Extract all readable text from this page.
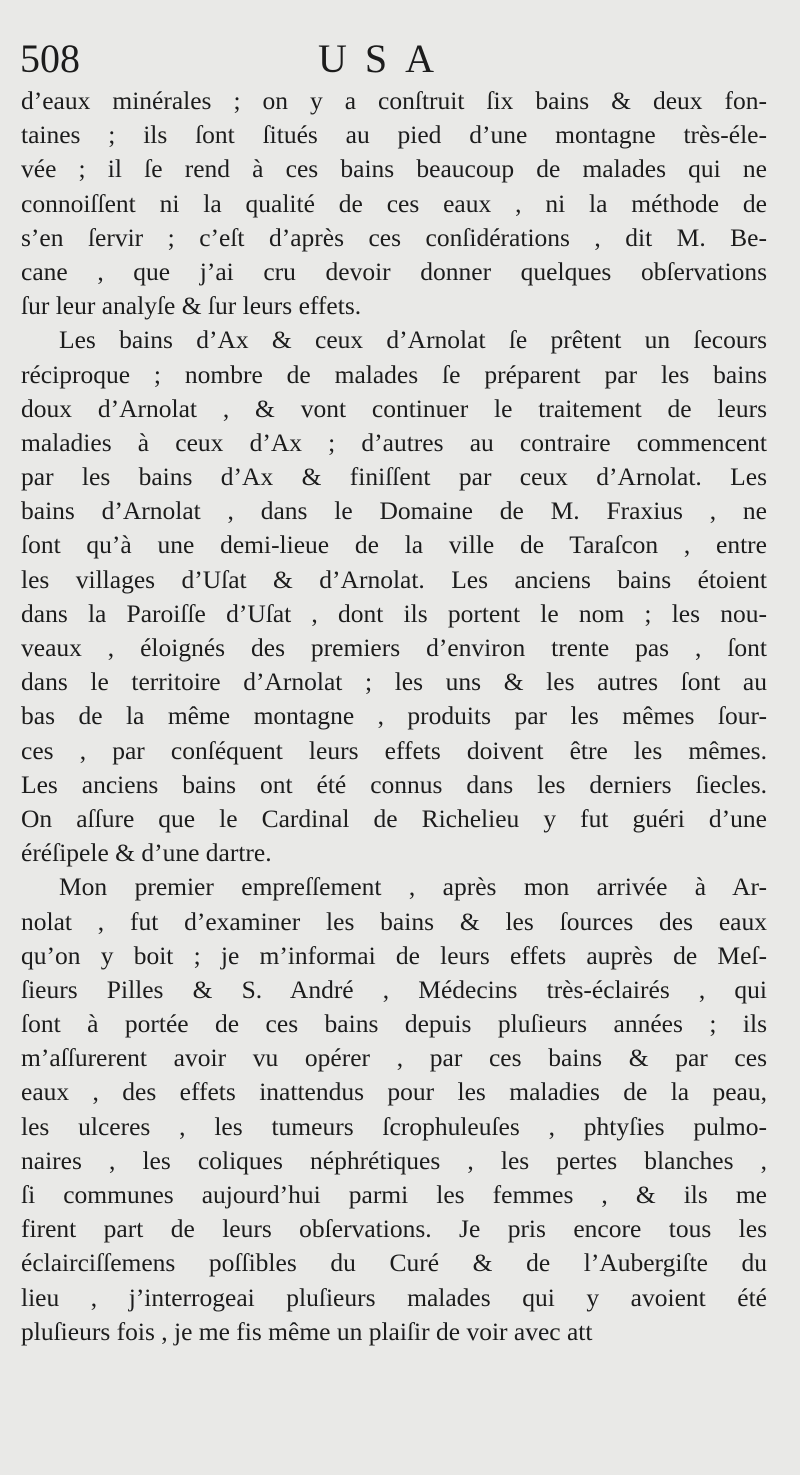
508	USA
d’eaux minérales ; on y a conſtruit ſix bains & deux fon-
taines ; ils ſont ſitués au pied d’une montagne très-éle-
vée ; il ſe rend à ces bains beaucoup de malades qui ne
connoiſſent ni la qualité de ces eaux , ni la méthode de
s’en ſervir ; c’eſt d’après ces conſidérations , dit M. Be-
cane , que j’ai cru devoir donner quelques obſervations
ſur leur analyſe & ſur leurs effets.
Les bains d’Ax & ceux d’Arnolat ſe prêtent un ſecours
réciproque ; nombre de malades ſe préparent par les bains
doux d’Arnolat , & vont continuer le traitement de leurs
maladies à ceux d’Ax ; d’autres au contraire commencent
par les bains d’Ax & finiſſent par ceux d’Arnolat. Les
bains d’Arnolat , dans le Domaine de M. Fraxius , ne
ſont qu’à une demi-lieue de la ville de Taraſcon , entre
les villages d’Uſat & d’Arnolat. Les anciens bains étoient
dans la Paroiſſe d’Uſat , dont ils portent le nom ; les nou-
veaux , éloignés des premiers d’environ trente pas , ſont
dans le territoire d’Arnolat ; les uns & les autres ſont au
bas de la même montagne , produits par les mêmes ſour-
ces , par conſéquent leurs effets doivent être les mêmes.
Les anciens bains ont été connus dans les derniers ſiecles.
On aſſure que le Cardinal de Richelieu y fut guéri d’une
éréſipele & d’une dartre.
Mon premier empreſſement , après mon arrivée à Ar-
nolat , fut d’examiner les bains & les ſources des eaux
qu’on y boit ; je m’informai de leurs effets auprès de Meſ-
ſieurs Pilles & S. André , Médecins très-éclairés , qui
ſont à portée de ces bains depuis pluſieurs années ; ils
m’aſſurerent avoir vu opérer , par ces bains & par ces
eaux , des effets inattendus pour les maladies de la peau,
les ulceres , les tumeurs ſcrophuleuſes , phtyſies pulmo-
naires , les coliques néphrétiques , les pertes blanches ,
ſi communes aujourd’hui parmi les femmes , & ils me
firent part de leurs obſervations. Je pris encore tous les
éclairciſſemens poſſibles du Curé & de l’Aubergiſte du
lieu , j’interrogeai pluſieurs malades qui y avoient été
pluſieurs fois , je me fis même un plaiſir de voir avec att
